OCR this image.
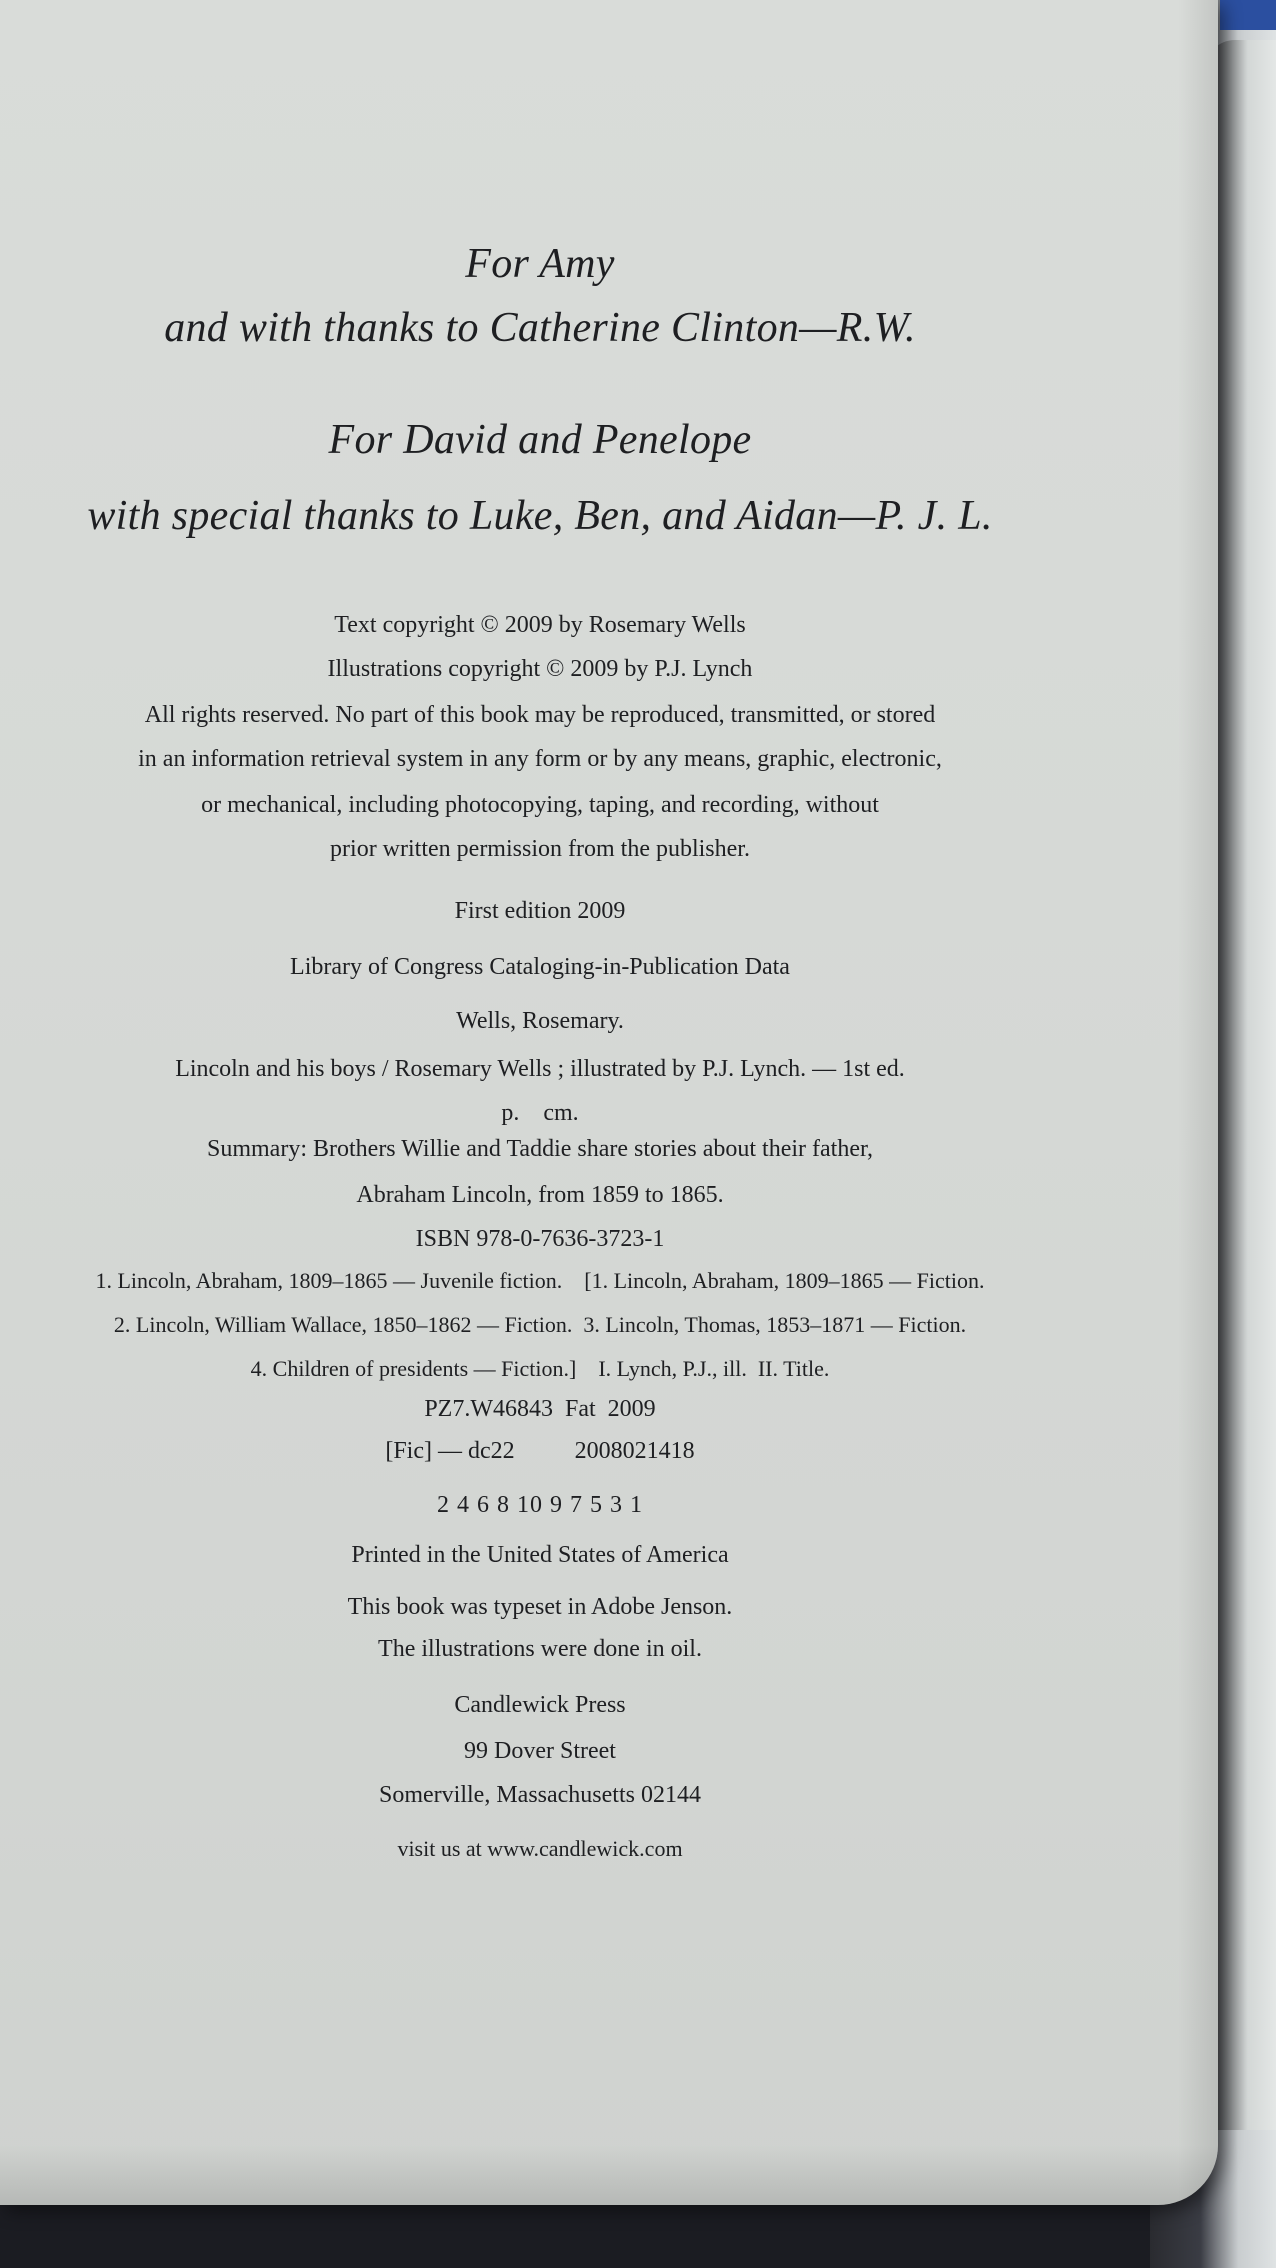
For Amy
and with thanks to Catherine Clinton—R.W.
For David and Penelope
with special thanks to Luke, Ben, and Aidan—P. J. L.
Text copyright © 2009 by Rosemary Wells
Illustrations copyright © 2009 by P.J. Lynch
All rights reserved. No part of this book may be reproduced, transmitted, or stored
in an information retrieval system in any form or by any means, graphic, electronic,
or mechanical, including photocopying, taping, and recording, without
prior written permission from the publisher.
First edition 2009
Library of Congress Cataloging-in-Publication Data
Wells, Rosemary.
Lincoln and his boys / Rosemary Wells ; illustrated by P.J. Lynch. — 1st ed.
p.    cm.
Summary: Brothers Willie and Taddie share stories about their father,
Abraham Lincoln, from 1859 to 1865.
ISBN 978-0-7636-3723-1
1. Lincoln, Abraham, 1809–1865 — Juvenile fiction.    [1. Lincoln, Abraham, 1809–1865 — Fiction.
2. Lincoln, William Wallace, 1850–1862 — Fiction.  3. Lincoln, Thomas, 1853–1871 — Fiction.
4. Children of presidents — Fiction.]    I. Lynch, P.J., ill.  II. Title.
PZ7.W46843  Fat  2009
[Fic] — dc22          2008021418
2 4 6 8 10 9 7 5 3 1
Printed in the United States of America
This book was typeset in Adobe Jenson.
The illustrations were done in oil.
Candlewick Press
99 Dover Street
Somerville, Massachusetts 02144
visit us at www.candlewick.com
